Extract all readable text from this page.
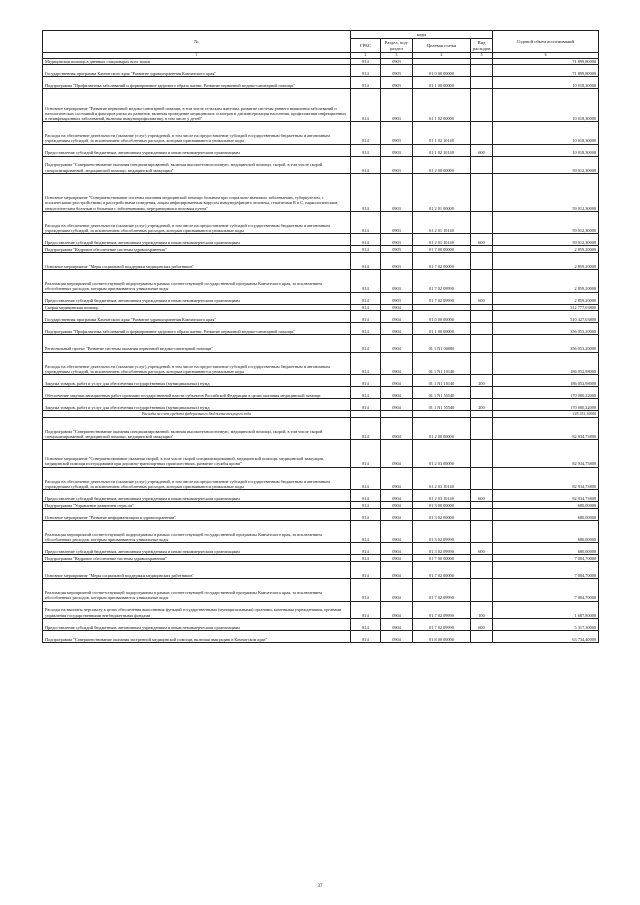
№	коды				Годовой объем ассигнований
	ГРБС	Раздел, под-раздел	Целевая статья	Вид расходов	
1	2	3	4	5	6
Медицинская помощь в дневных стационарах всех типов	814	0903			71 899,80000
Государственная программа Камчатского края "Развитие здравоохранения Камчатского края"	814	0903	01 0 00 00000		71 899,80000
Подпрограмма "Профилактика заболеваний и формирование здорового образа жизни. Развитие первичной медико-санитарной помощи"	814	0903	01 1 00 00000		10 018,30000
Основное мероприятие "Развитие первичной медико-санитарной помощи, в том числе сельским жителям, развитие системы раннего выявления заболеваний и патологических состояний и факторов риска их развития, включая проведение медицинских осмотров и диспансеризации населения, профилактики инфекционных и неинфекционных заболеваний, включая иммунопрофилактику, в том числе у детей"	814	0903	01 1 02 00000		10 018,30000
Расходы на обеспечение деятельности (оказание услуг) учреждений, в том числе на предоставление субсидий государственным бюджетным и автономным учреждениям субсидий, за исключением обособленных расходов, которым присваиваются уникальные коды	814	0903	01 1 02 10140		10 018,30000
Предоставление субсидий бюджетным, автономным учреждениям и иным некоммерческим организациям	814	0903	01 1 02 10140	600	10 018,30000
Подпрограмма "Совершенствование оказания специализированной, включая высокотехнологичную, медицинской помощи, скорой, в том числе скорой специализированной, медицинской помощи, медицинской эвакуации"	814	0903	01 2 00 00000		59 012,30000
Основное мероприятие "Совершенствование системы оказания медицинской помощи больным при социально-значимых заболеваниях, туберкулезом, с психическими расстройствами и расстройствами поведения, лицам инфицированным вирусом иммунодефицита человека, гепатитами В и С, наркологическим, онкологическим больным и больным с заболеваниями, передающимися половым путем"	814	0903	01 2 01 00000		59 012,30000
Расходы на обеспечение деятельности (оказание услуг) учреждений, в том числе на предоставление субсидий государственным бюджетным и автономным учреждениям субсидий, за исключением обособленных расходов, которым присваиваются уникальные коды	814	0903	01 2 01 10140		59 012,30000
Предоставление субсидий бюджетным, автономным учреждениям и иным некоммерческим организациям	814	0903	01 2 01 10140	600	59 012,30000
Подпрограмма "Кадровое обеспечение системы здравоохранения"	814	0903	01 7 00 00000		2 859,20000
Основное мероприятие "Меры социальной поддержки медицинских работников"	814	0903	01 7 02 00000		2 859,20000
Реализация мероприятий соответствующей подпрограммы в рамках соответствующей государственной программы Камчатского края, за исключением обособленных расходов, которым присваиваются уникальные коды	814	0903	01 7 02 09990		2 859,20000
Предоставление субсидий бюджетным, автономным учреждениям и иным некоммерческим организациям	814	0903	01 7 02 09990	600	2 859,20000
Скорая медицинская помощь	814	0904			512 777,03800
Государственная программа Камчатского края "Развитие здравоохранения Камчатского края"	814	0904	01 0 00 00000		510 427,03800
Подпрограмма "Профилактика заболеваний и формирование здорового образа жизни. Развитие первичной медико-санитарной помощи"	814	0904	01 1 00 00000		356 053,20000
Региональный проект "Развитие системы оказания первичной медико-санитарной помощи"	814	0904	01 1 N1 00000		356 053,20000
Расходы на обеспечение деятельности (оказание услуг) учреждений, в том числе на предоставление субсидий государственным бюджетным и автономным учреждениям субсидий, за исключением обособленных расходов, которым присваиваются уникальные коды	814	0904	01 1 N1 10140		186 052,98000
Закупка товаров, работ и услуг для обеспечения государственных (муниципальных) нужд	814	0904	01 1 N1 10140	200	186 052,98000
Обеспечение закупки авиационных работ органами государственной власти субъектов Российской Федерации в целях оказания медицинской помощи	814	0904	01 1 N1 55540		170 000,22000
Закупка товаров, работ и услуг для обеспечения государственных (муниципальных) нужд	814	0904	01 1 N1 55540	200	170 000,22000
Расходы за счет средств федерального бюджета текущего года					145 351,10000
Подпрограмма "Совершенствование оказания специализированной, включая высокотехнологичную, медицинской помощи, скорой, в том числе скорой специализированной, медицинской помощи, медицинской эвакуации"	814	0904	01 2 00 00000		82 934,73800
Основное мероприятие "Совершенствование оказания скорой, в том числе скорой специализированной, медицинской помощи, медицинской эвакуации, медицинской помощи пострадавшим при дорожно-транспортных происшествиях, развитие службы крови"	814	0904	01 2 03 00000		82 934,73800
Расходы на обеспечение деятельности (оказание услуг) учреждений, в том числе на предоставление субсидий государственным бюджетным и автономным учреждениям субсидий, за исключением обособленных расходов, которым присваиваются уникальные коды	814	0904	01 2 03 10140		82 934,73800
Предоставление субсидий бюджетным, автономным учреждениям и иным некоммерческим организациям	814	0904	01 2 03 10140	600	82 934,73800
Подпрограмма "Управление развитием отрасли"	814	0904	01 3 00 00000		680,00000
Основное мероприятие "Развитие информатизации в здравоохранении"	814	0904	01 3 02 00000		680,00000
Реализация мероприятий соответствующей подпрограммы в рамках соответствующей государственной программы Камчатского края, за исключением обособленных расходов, которым присваиваются уникальные коды	814	0904	01 3 02 09990		680,00000
Предоставление субсидий бюджетным, автономным учреждениям и иным некоммерческим организациям	814	0904	01 3 02 09990	600	680,00000
Подпрограмма "Кадровое обеспечение системы здравоохранения"	814	0904	01 7 00 00000		7 004,70000
Основное мероприятие "Меры социальной поддержки медицинских работников"	814	0904	01 7 02 00000		7 004,70000
Реализация мероприятий соответствующей подпрограммы в рамках соответствующей государственной программы Камчатского края, за исключением обособленных расходов, которым присваиваются уникальные коды	814	0904	01 7 02 09990		7 004,70000
Расходы на выплаты персоналу в целях обеспечения выполнения функций государственными (муниципальными) органами, казенными учреждениями, органами управления государственными внебюджетными фондами	814	0904	01 7 02 09990	100	1 687,80000
Предоставление субсидий бюджетным, автономным учреждениям и иным некоммерческим организациям	814	0904	01 7 02 09990	600	5 317,30000
Подпрограмма "Совершенствование оказания экстренной медицинской помощи, включая эвакуацию в Камчатском крае"	814	0904	01 8 00 00000		63 734,40000
37
